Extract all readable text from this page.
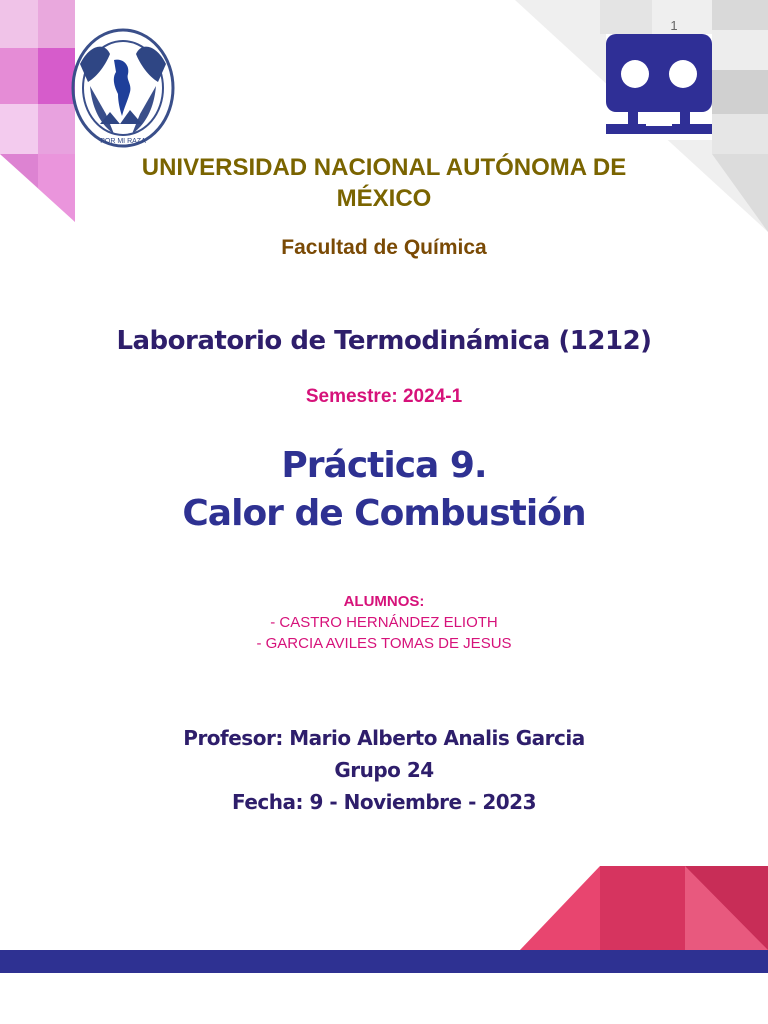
1
POR MI RAZA
UNIVERSIDAD NACIONAL AUTÓNOMA DE MÉXICO
Facultad de Química
Laboratorio de Termodinámica (1212)
Semestre: 2024-1
Práctica 9.
Calor de Combustión
ALUMNOS:
- CASTRO HERNÁNDEZ ELIOTH
- GARCIA AVILES TOMAS DE JESUS
Profesor: Mario Alberto Analis Garcia
Grupo 24
Fecha: 9 - Noviembre - 2023
